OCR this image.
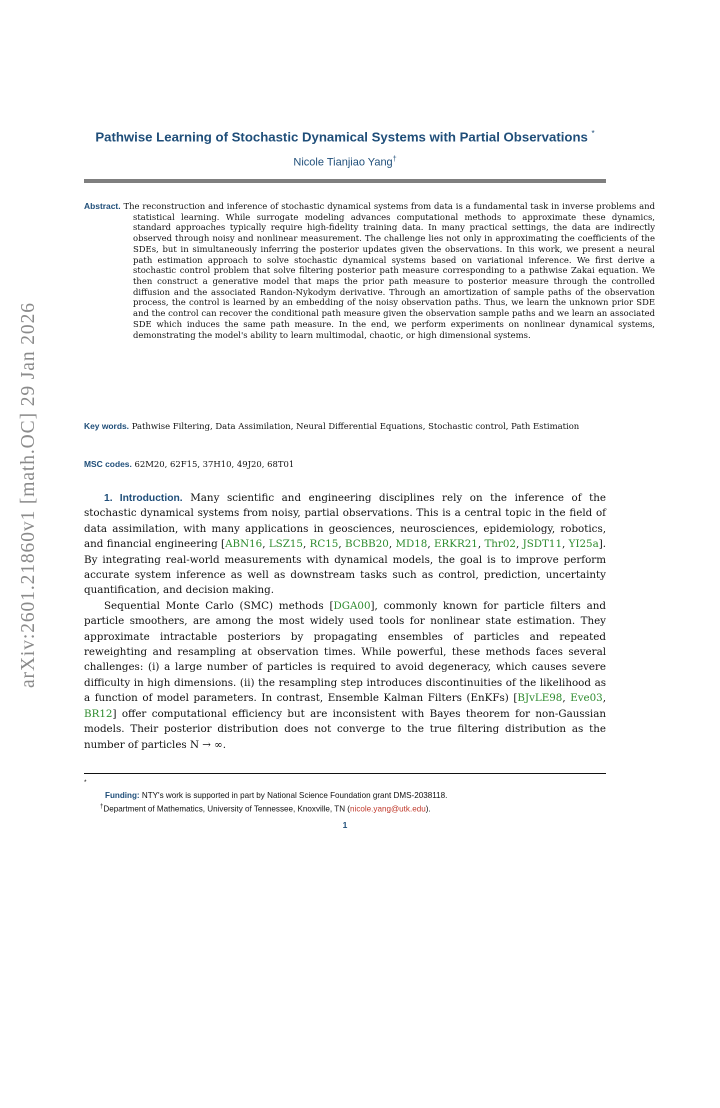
arXiv:2601.21860v1 [math.OC] 29 Jan 2026
Pathwise Learning of Stochastic Dynamical Systems with Partial Observations *
Nicole Tianjiao Yang†
Abstract. The reconstruction and inference of stochastic dynamical systems from data is a fundamental task in inverse problems and statistical learning. While surrogate modeling advances computational methods to approximate these dynamics, standard approaches typically require high-fidelity training data. In many practical settings, the data are indirectly observed through noisy and nonlinear measurement. The challenge lies not only in approximating the coefficients of the SDEs, but in simultaneously inferring the posterior updates given the observations. In this work, we present a neural path estimation approach to solve stochastic dynamical systems based on variational inference. We first derive a stochastic control problem that solve filtering posterior path measure corresponding to a pathwise Zakai equation. We then construct a generative model that maps the prior path measure to posterior measure through the controlled diffusion and the associated Randon-Nykodym derivative. Through an amortization of sample paths of the observation process, the control is learned by an embedding of the noisy observation paths. Thus, we learn the unknown prior SDE and the control can recover the conditional path measure given the observation sample paths and we learn an associated SDE which induces the same path measure. In the end, we perform experiments on nonlinear dynamical systems, demonstrating the model's ability to learn multimodal, chaotic, or high dimensional systems.
Key words. Pathwise Filtering, Data Assimilation, Neural Differential Equations, Stochastic control, Path Estimation
MSC codes. 62M20, 62F15, 37H10, 49J20, 68T01

1. Introduction. Many scientific and engineering disciplines rely on the inference of the stochastic dynamical systems from noisy, partial observations. This is a central topic in the field of data assimilation, with many applications in geosciences, neurosciences, epidemiology, robotics, and financial engineering [ABN16, LSZ15, RC15, BCBB20, MD18, ERKR21, Thr02, JSDT11, YI25a]. By integrating real-world measurements with dynamical models, the goal is to improve perform accurate system inference as well as downstream tasks such as control, prediction, uncertainty quantification, and decision making.

Sequential Monte Carlo (SMC) methods [DGA00], commonly known for particle filters and particle smoothers, are among the most widely used tools for nonlinear state estimation. They approximate intractable posteriors by propagating ensembles of particles and repeated reweighting and resampling at observation times. While powerful, these methods faces several challenges: (i) a large number of particles is required to avoid degeneracy, which causes severe difficulty in high dimensions. (ii) the resampling step introduces discontinuities of the likelihood as a function of model parameters. In contrast, Ensemble Kalman Filters (EnKFs) [BJvLE98, Eve03, BR12] offer computational efficiency but are inconsistent with Bayes theorem for non-Gaussian models. Their posterior distribution does not converge to the true filtering distribution as the number of particles N → ∞.

*
Funding: NTY's work is supported in part by National Science Foundation grant DMS-2038118.
†Department of Mathematics, University of Tennessee, Knoxville, TN (nicole.yang@utk.edu).
1
